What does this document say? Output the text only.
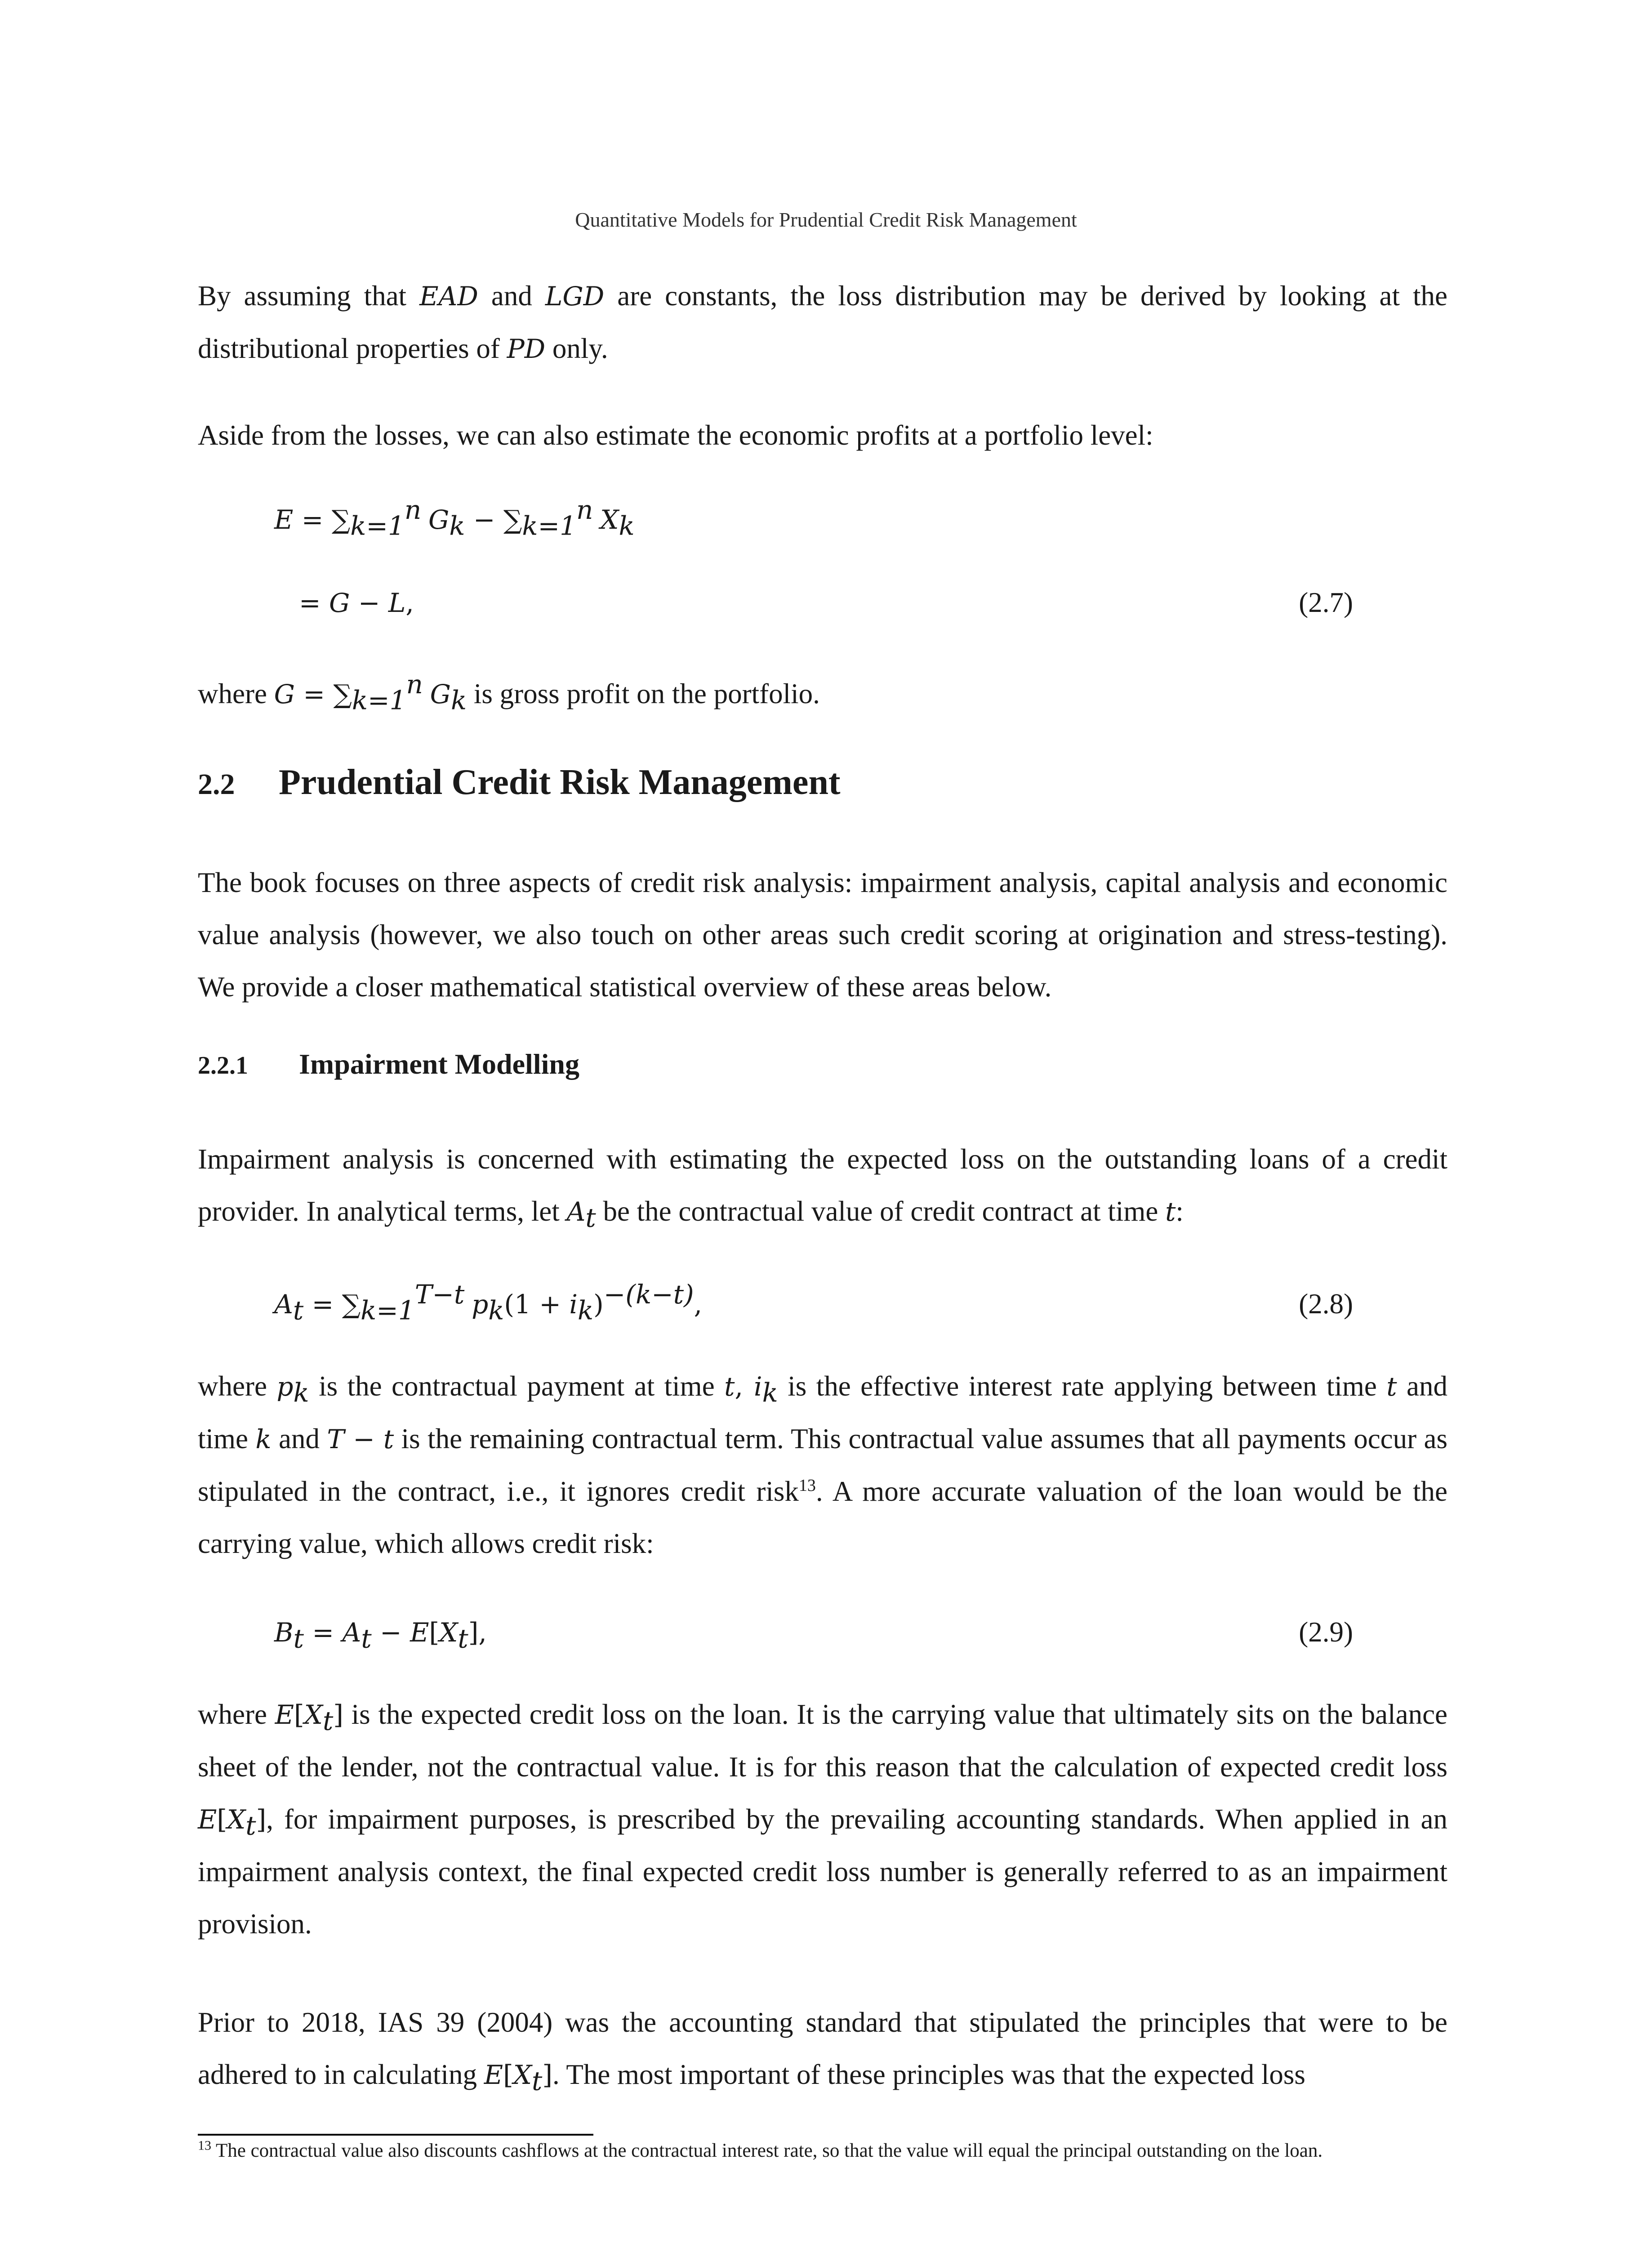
Quantitative Models for Prudential Credit Risk Management

By assuming that EAD and LGD are constants, the loss distribution may be derived by looking at the distributional properties of PD only.

Aside from the losses, we can also estimate the economic profits at a portfolio level:

$E = \sum_{k=1}^n$ $G_k - \sum_{k=1}^n$ $X_k$
= G − L,	(2.7)

where $G = \sum_{k=1}^n$ $G_k$ is gross profit on the portfolio.

2.2 Prudential Credit Risk Management

The book focuses on three aspects of credit risk analysis: impairment analysis, capital analysis and economic value analysis (however, we also touch on other areas such credit scoring at origination and stress-testing). We provide a closer mathematical statistical overview of these areas below.

2.2.1 Impairment Modelling

Impairment analysis is concerned with estimating the expected loss on the outstanding loans of a credit provider. In analytical terms, let $A_t$ be the contractual value of credit contract at time t:

$A_t = \sum_{k=1}^{T-t}$ $p_k(1 + i_k)^{-(k-t)}$,	(2.8)

where $p_k$ is the contractual payment at time t, $i_k$ is the effective interest rate applying between time t and time k and T − t is the remaining contractual term. This contractual value assumes that all payments occur as stipulated in the contract, i.e., it ignores credit risk$^{13}$. A more accurate valuation of the loan would be the carrying value, which allows credit risk:

$B_t = A_t - E[X_t]$,	(2.9)

where $E[X_t]$ is the expected credit loss on the loan. It is the carrying value that ultimately sits on the balance sheet of the lender, not the contractual value. It is for this reason that the calculation of expected credit loss $E[X_t]$, for impairment purposes, is prescribed by the prevailing accounting standards. When applied in an impairment analysis context, the final expected credit loss number is generally referred to as an impairment provision.

Prior to 2018, IAS 39 (2004) was the accounting standard that stipulated the principles that were to be adhered to in calculating $E[X_t]$. The most important of these principles was that the expected loss

$^{13}$ The contractual value also discounts cashflows at the contractual interest rate, so that the value will equal the principal outstanding on the loan.
